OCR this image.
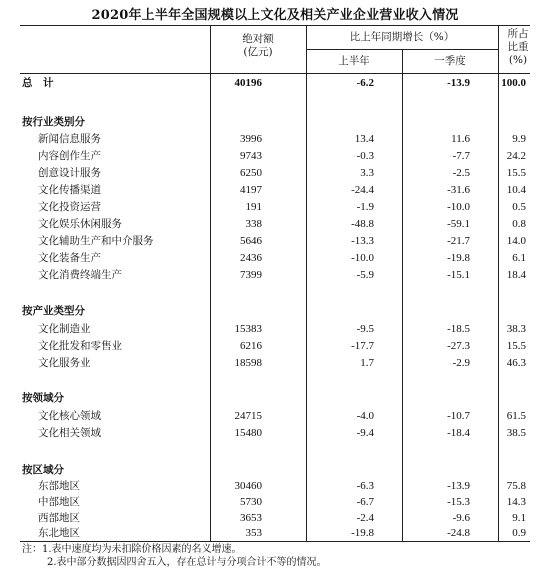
2020年上半年全国规模以上文化及相关产业企业营业收入情况
绝对额
(亿元)
比上年同期增长（%）
上半年	一季度
所占
比重
(%)
总　计	40196	-6.2	-13.9	100.0
按行业类别分
新闻信息服务	3996	13.4	11.6	9.9
内容创作生产	9743	-0.3	-7.7	24.2
创意设计服务	6250	3.3	-2.5	15.5
文化传播渠道	4197	-24.4	-31.6	10.4
文化投资运营	191	-1.9	-10.0	0.5
文化娱乐休闲服务	338	-48.8	-59.1	0.8
文化辅助生产和中介服务	5646	-13.3	-21.7	14.0
文化装备生产	2436	-10.0	-19.8	6.1
文化消费终端生产	7399	-5.9	-15.1	18.4
按产业类型分
文化制造业	15383	-9.5	-18.5	38.3
文化批发和零售业	6216	-17.7	-27.3	15.5
文化服务业	18598	1.7	-2.9	46.3
按领域分
文化核心领域	24715	-4.0	-10.7	61.5
文化相关领域	15480	-9.4	-18.4	38.5
按区域分
东部地区	30460	-6.3	-13.9	75.8
中部地区	5730	-6.7	-15.3	14.3
西部地区	3653	-2.4	-9.6	9.1
东北地区	353	-19.8	-24.8	0.9
注：1.表中速度均为未扣除价格因素的名义增速。
2.表中部分数据因四舍五入，存在总计与分项合计不等的情况。
